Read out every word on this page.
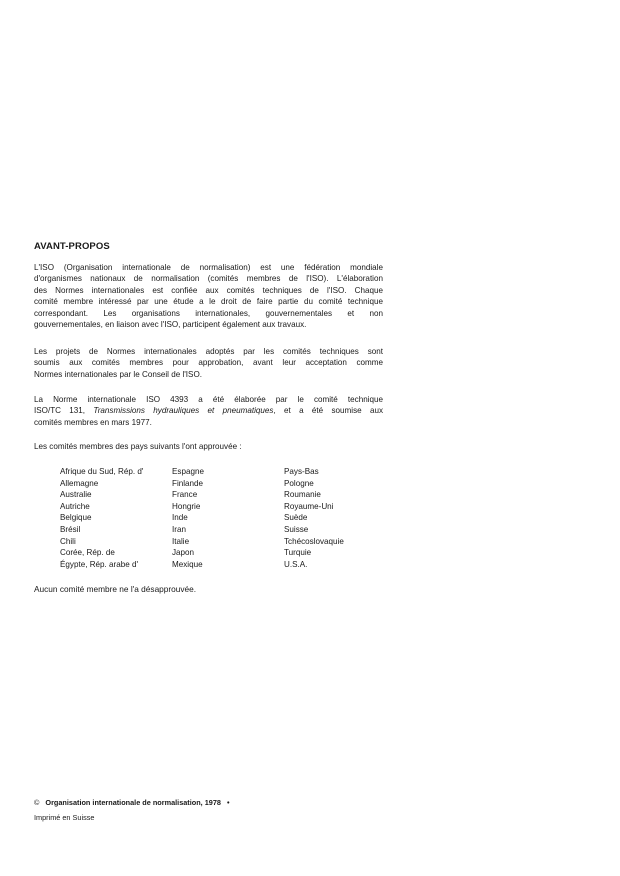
AVANT-PROPOS
L'ISO (Organisation internationale de normalisation) est une fédération mondiale
d'organismes nationaux de normalisation (comités membres de l'ISO). L'élaboration
des Normes internationales est confiée aux comités techniques de l'ISO. Chaque
comité membre intéressé par une étude a le droit de faire partie du comité technique
correspondant. Les organisations internationales, gouvernementales et non
gouvernementales, en liaison avec l'ISO, participent également aux travaux.
Les projets de Normes internationales adoptés par les comités techniques sont
soumis aux comités membres pour approbation, avant leur acceptation comme
Normes internationales par le Conseil de l'ISO.
La Norme internationale ISO 4393 a été élaborée par le comité technique
ISO/TC 131, Transmissions hydrauliques et pneumatiques, et a été soumise aux
comités membres en mars 1977.
Les comités membres des pays suivants l'ont approuvée :
Afrique du Sud, Rép. d'
Allemagne
Australie
Autriche
Belgique
Brésil
Chili
Corée, Rép. de
Égypte, Rép. arabe d'
Espagne
Finlande
France
Hongrie
Inde
Iran
Italie
Japon
Mexique
Pays-Bas
Pologne
Roumanie
Royaume-Uni
Suède
Suisse
Tchécoslovaquie
Turquie
U.S.A.
Aucun comité membre ne l'a désapprouvée.
© Organisation internationale de normalisation, 1978 •
Imprimé en Suisse
